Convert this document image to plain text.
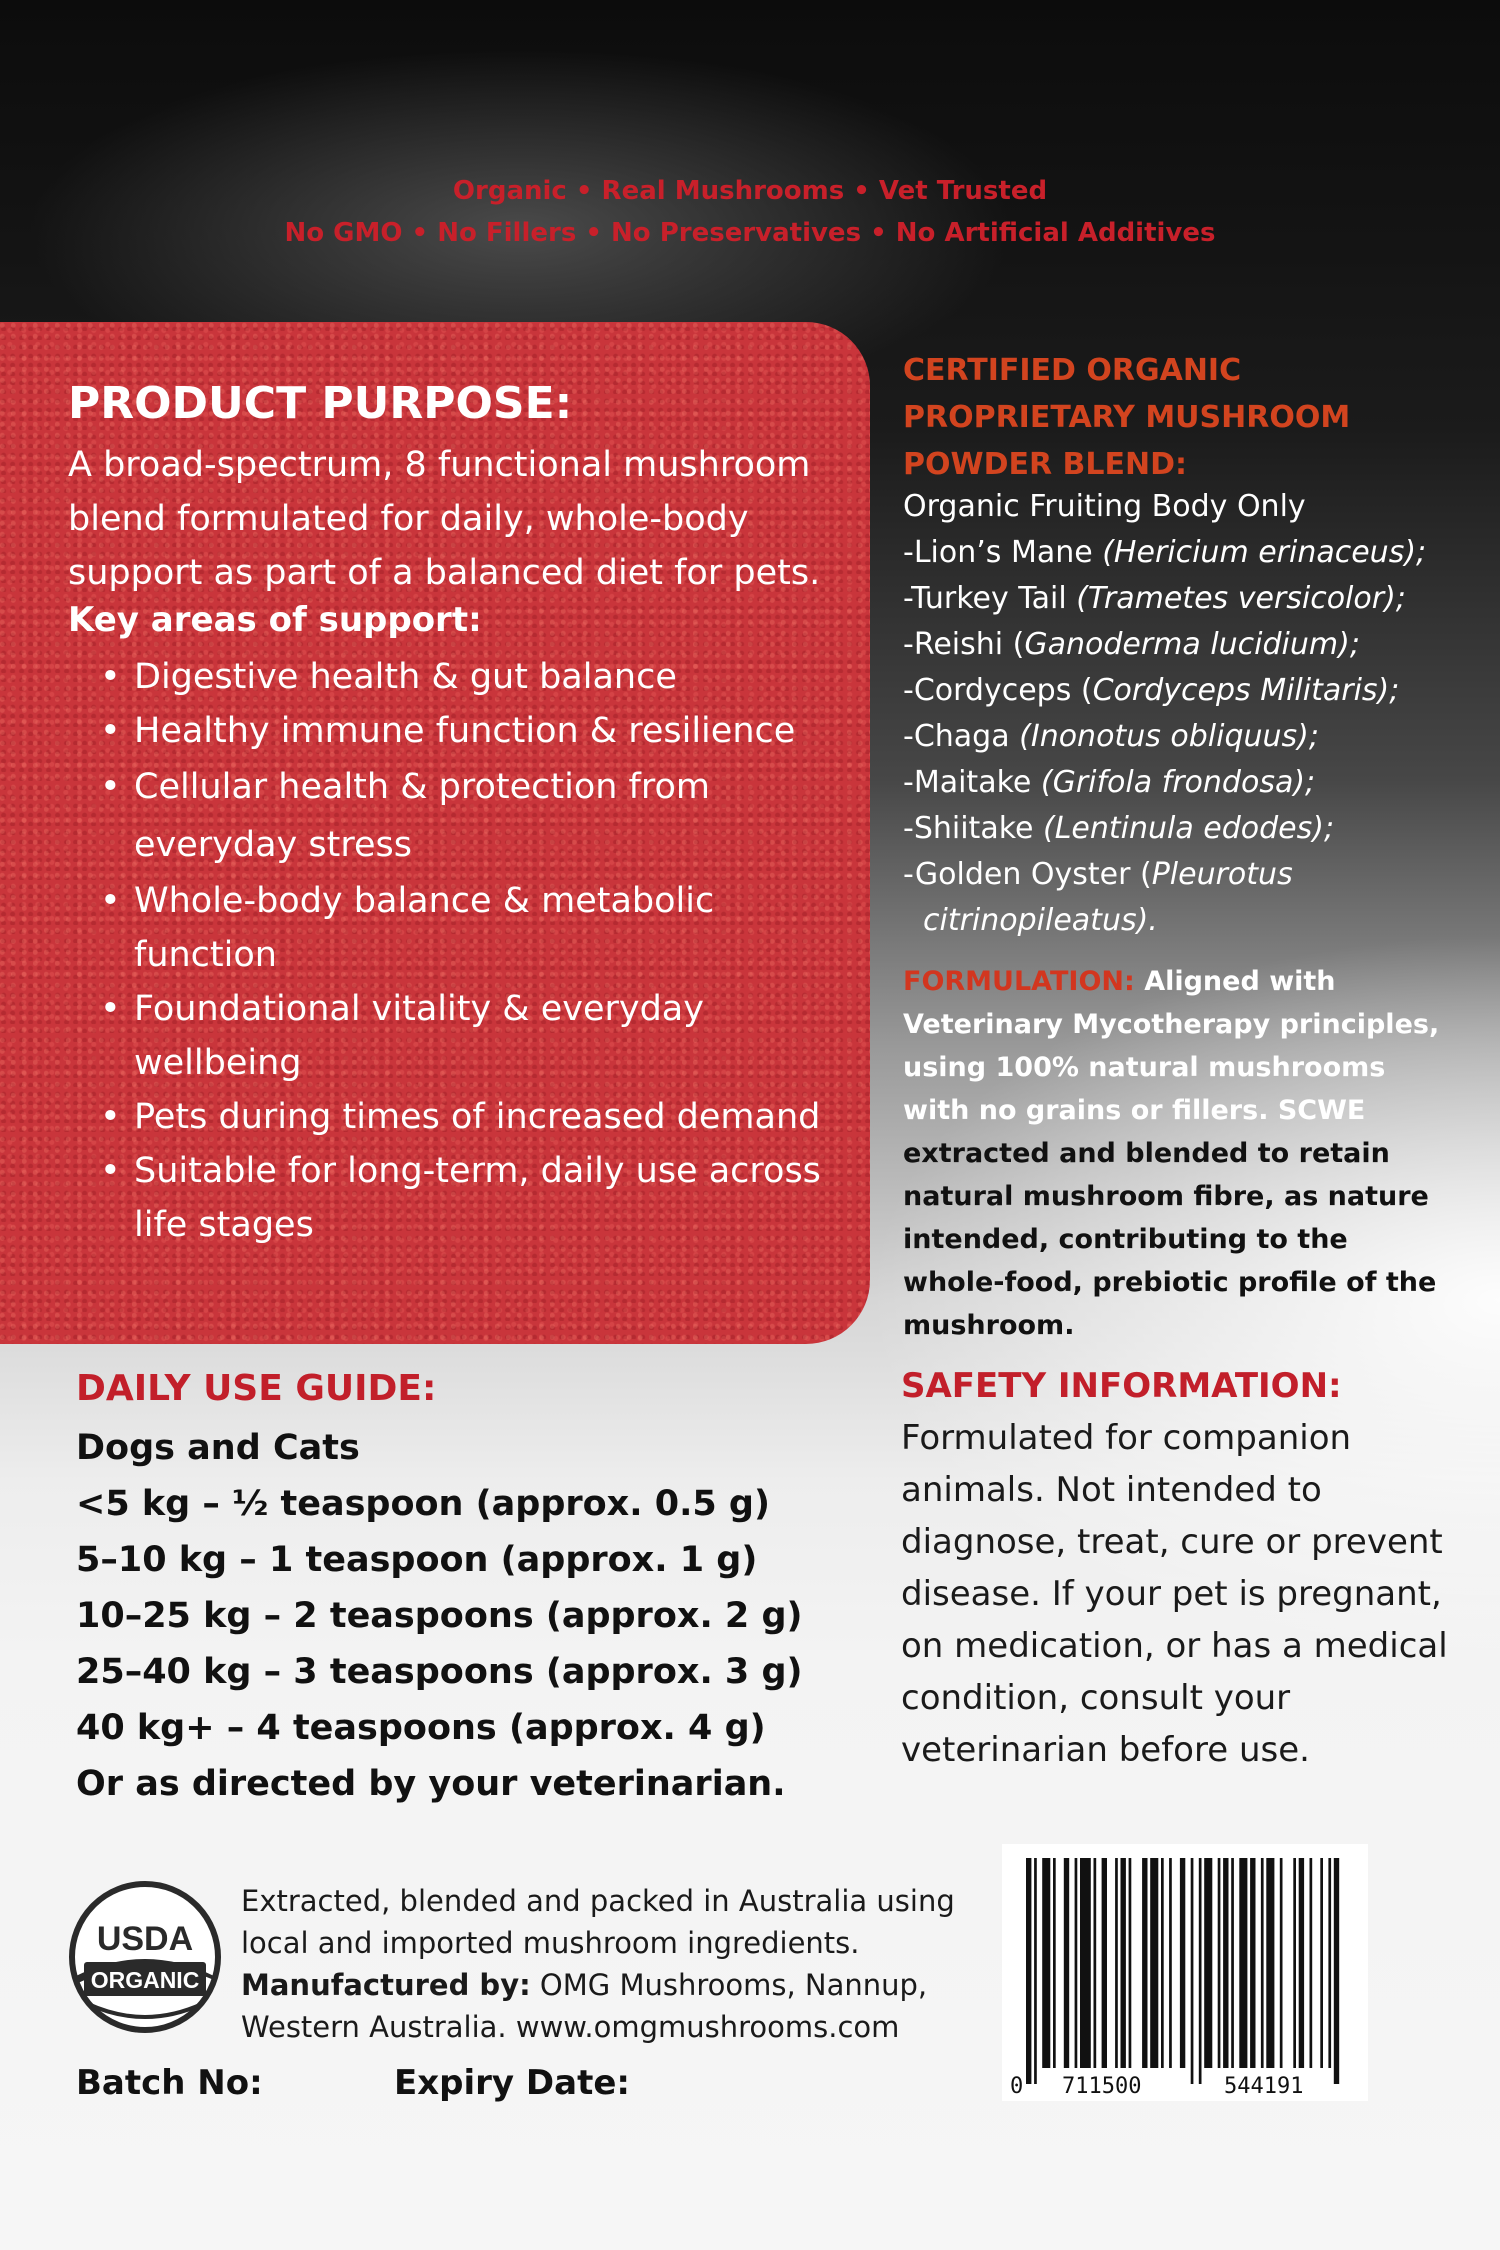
Organic • Real Mushrooms • Vet Trusted
No GMO • No Fillers • No Preservatives • No Artificial Additives
PRODUCT PURPOSE:
A broad-spectrum, 8 functional mushroom blend formulated for daily, whole-body support as part of a balanced diet for pets.
Key areas of support:
• Digestive health & gut balance
• Healthy immune function & resilience
• Cellular health & protection from everyday stress
• Whole-body balance & metabolic function
• Foundational vitality & everyday wellbeing
• Pets during times of increased demand
• Suitable for long-term, daily use across life stages
CERTIFIED ORGANIC PROPRIETARY MUSHROOM POWDER BLEND:
Organic Fruiting Body Only
-Lion’s Mane (Hericium erinaceus);
-Turkey Tail (Trametes versicolor);
-Reishi (Ganoderma lucidium);
-Cordyceps (Cordyceps Militaris);
-Chaga (Inonotus obliquus);
-Maitake (Grifola frondosa);
-Shiitake (Lentinula edodes);
-Golden Oyster (Pleurotus
citrinopileatus).
FORMULATION: Aligned with Veterinary Mycotherapy principles, using 100% natural mushrooms with no grains or fillers. SCWE extracted and blended to retain natural mushroom fibre, as nature intended, contributing to the whole-food, prebiotic profile of the mushroom.
DAILY USE GUIDE:
Dogs and Cats
<5 kg – ½ teaspoon (approx. 0.5 g)
5–10 kg – 1 teaspoon (approx. 1 g)
10–25 kg – 2 teaspoons (approx. 2 g)
25–40 kg – 3 teaspoons (approx. 3 g)
40 kg+ – 4 teaspoons (approx. 4 g)
Or as directed by your veterinarian.
SAFETY INFORMATION:
Formulated for companion animals. Not intended to diagnose, treat, cure or prevent disease. If your pet is pregnant, on medication, or has a medical condition, consult your veterinarian before use.
USDA
ORGANIC
Extracted, blended and packed in Australia using local and imported mushroom ingredients.
Manufactured by: OMG Mushrooms, Nannup, Western Australia. www.omgmushrooms.com
Batch No:	Expiry Date:	0 711500	544191
